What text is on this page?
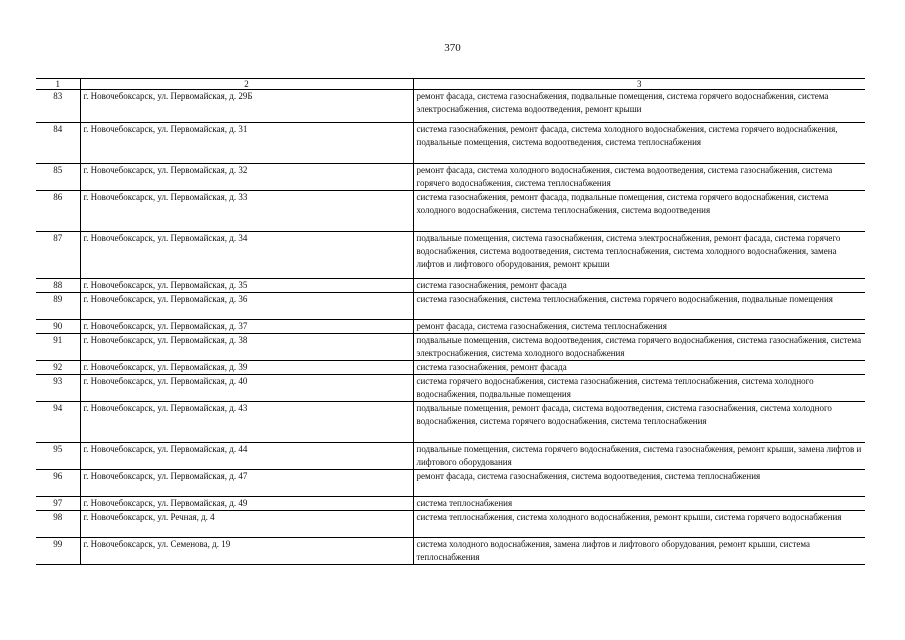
370
1	2	3
83	г. Новочебоксарск, ул. Первомайская, д. 29Б	ремонт фасада, система газоснабжения, подвальные помещения, система горячего водоснабжения, система электроснабжения, система водоотведения, ремонт крыши
84	г. Новочебоксарск, ул. Первомайская, д. 31	система газоснабжения, ремонт фасада, система холодного водоснабжения, система горячего водоснабжения, подвальные помещения, система водоотведения, система теплоснабжения
85	г. Новочебоксарск, ул. Первомайская, д. 32	ремонт фасада, система холодного водоснабжения, система водоотведения, система газоснабжения, система горячего водоснабжения, система теплоснабжения
86	г. Новочебоксарск, ул. Первомайская, д. 33	система газоснабжения, ремонт фасада, подвальные помещения, система горячего водоснабжения, система холодного водоснабжения, система теплоснабжения, система водоотведения
87	г. Новочебоксарск, ул. Первомайская, д. 34	подвальные помещения, система газоснабжения, система электроснабжения, ремонт фасада, система горячего водоснабжения, система водоотведения, система теплоснабжения, система холодного водоснабжения, замена лифтов и лифтового оборудования, ремонт крыши
88	г. Новочебоксарск, ул. Первомайская, д. 35	система газоснабжения, ремонт фасада
89	г. Новочебоксарск, ул. Первомайская, д. 36	система газоснабжения, система теплоснабжения, система горячего водоснабжения, подвальные помещения
90	г. Новочебоксарск, ул. Первомайская, д. 37	ремонт фасада, система газоснабжения, система теплоснабжения
91	г. Новочебоксарск, ул. Первомайская, д. 38	подвальные помещения, система водоотведения, система горячего водоснабжения, система газоснабжения, система электроснабжения, система холодного водоснабжения
92	г. Новочебоксарск, ул. Первомайская, д. 39	система газоснабжения, ремонт фасада
93	г. Новочебоксарск, ул. Первомайская, д. 40	система горячего водоснабжения, система газоснабжения, система теплоснабжения, система холодного водоснабжения, подвальные помещения
94	г. Новочебоксарск, ул. Первомайская, д. 43	подвальные помещения, ремонт фасада, система водоотведения, система газоснабжения, система холодного водоснабжения, система горячего водоснабжения, система теплоснабжения
95	г. Новочебоксарск, ул. Первомайская, д. 44	подвальные помещения, система горячего водоснабжения, система газоснабжения, ремонт крыши, замена лифтов и лифтового оборудования
96	г. Новочебоксарск, ул. Первомайская, д. 47	ремонт фасада, система газоснабжения, система водоотведения, система теплоснабжения
97	г. Новочебоксарск, ул. Первомайская, д. 49	система теплоснабжения
98	г. Новочебоксарск, ул. Речная, д. 4	система теплоснабжения, система холодного водоснабжения, ремонт крыши, система горячего водоснабжения
99	г. Новочебоксарск, ул. Семенова, д. 19	система холодного водоснабжения, замена лифтов и лифтового оборудования, ремонт крыши, система теплоснабжения
